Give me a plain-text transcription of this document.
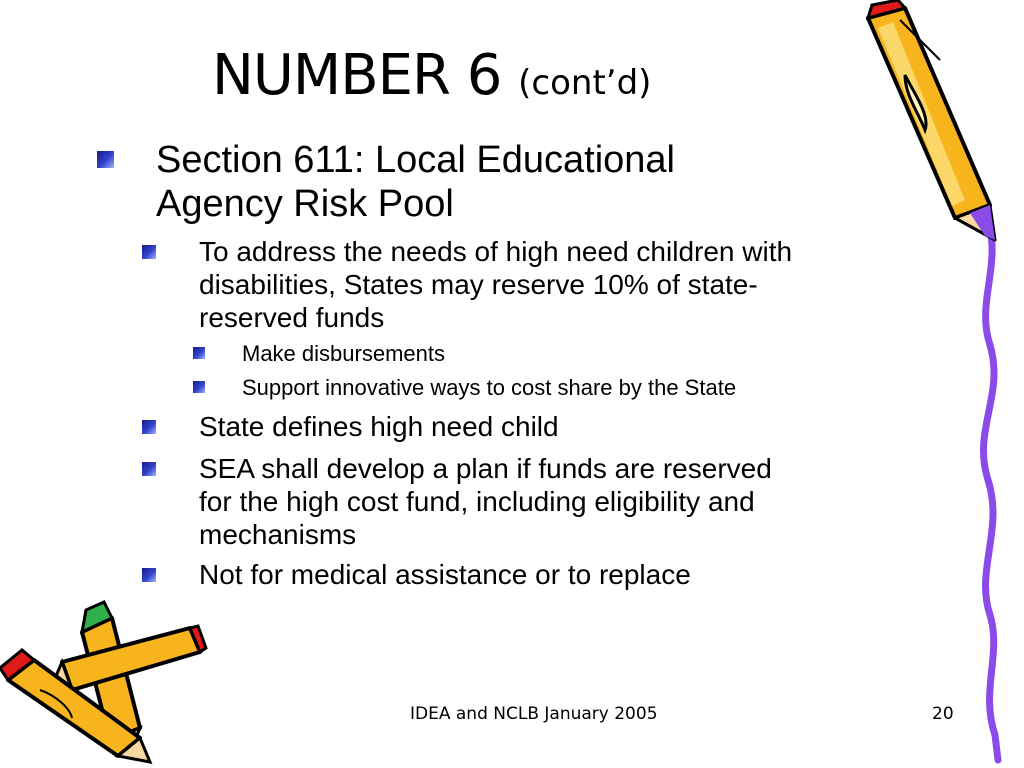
NUMBER 6 (cont’d)
Section 611: Local Educational
Agency Risk Pool
To address the needs of high need children with
disabilities, States may reserve 10% of state-
reserved funds
Make disbursements
Support innovative ways to cost share by the State
State defines high need child
SEA shall develop a plan if funds are reserved
for the high cost fund, including eligibility and
mechanisms
Not for medical assistance or to replace
IDEA and NCLB January 2005	20
